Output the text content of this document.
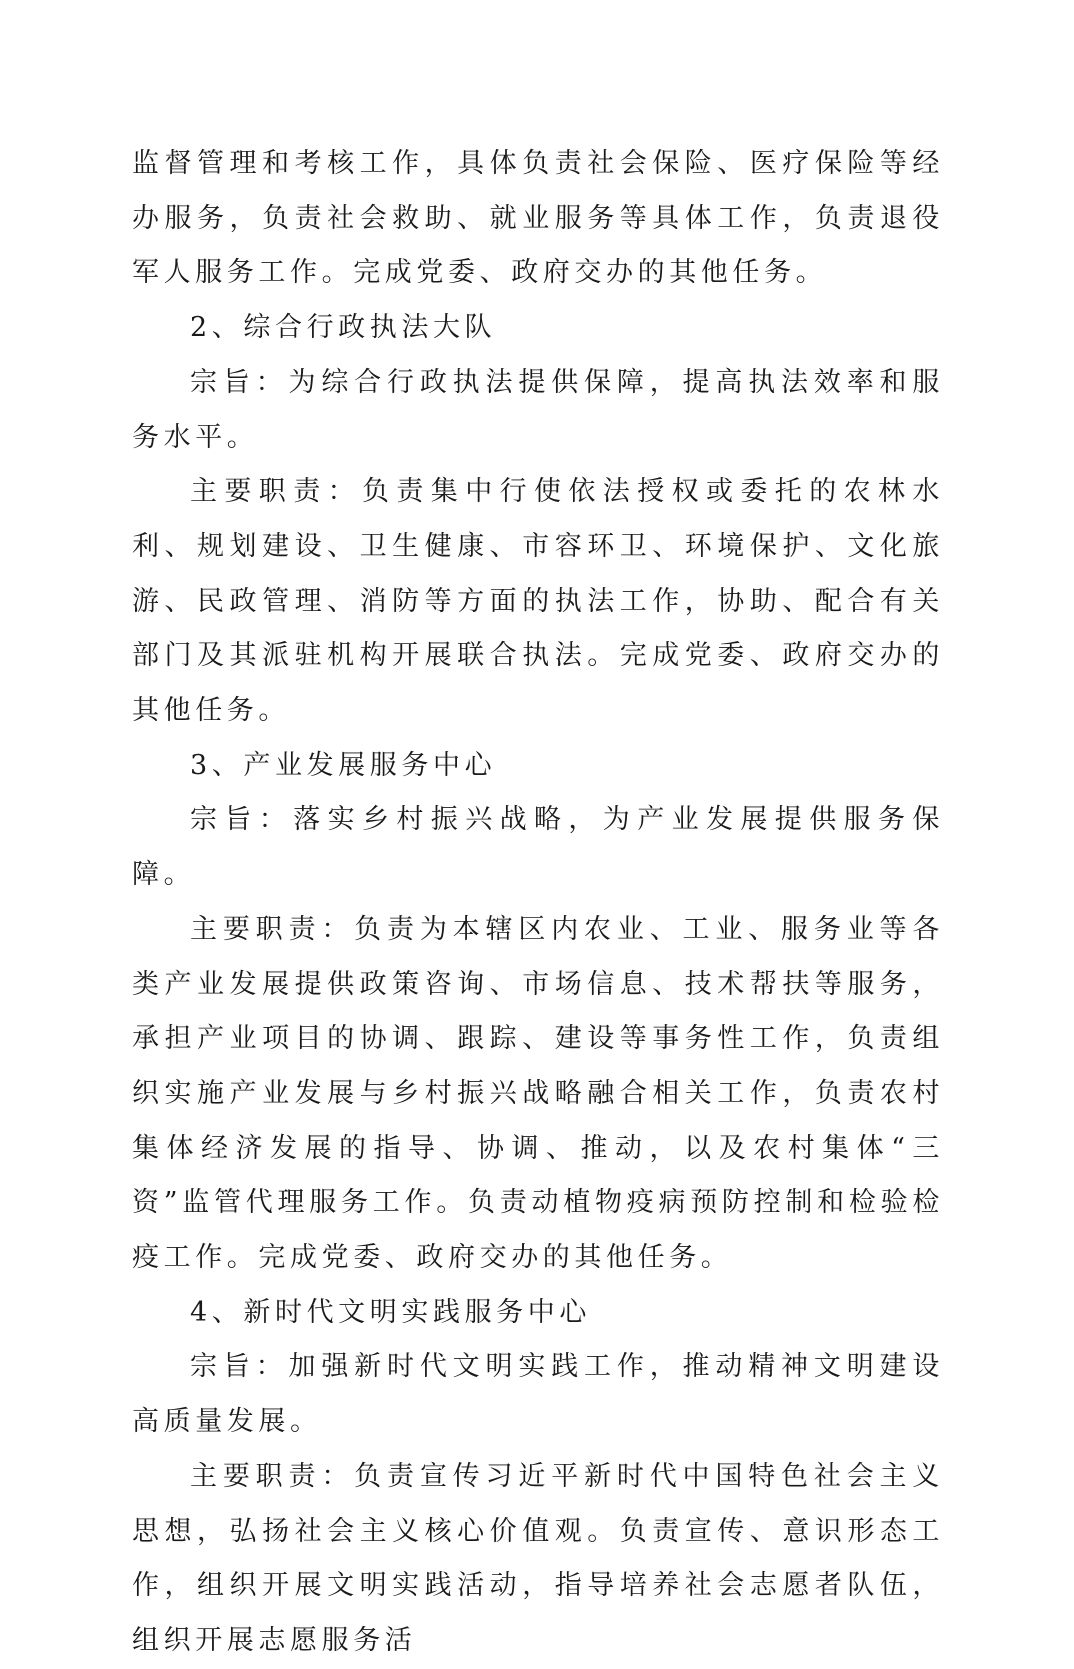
监督管理和考核工作，具体负责社会保险、医疗保险等经办服务，负责社会救助、就业服务等具体工作，负责退役军人服务工作。完成党委、政府交办的其他任务。

2、综合行政执法大队

宗旨：为综合行政执法提供保障，提高执法效率和服务水平。

主要职责：负责集中行使依法授权或委托的农林水利、规划建设、卫生健康、市容环卫、环境保护、文化旅游、民政管理、消防等方面的执法工作，协助、配合有关部门及其派驻机构开展联合执法。完成党委、政府交办的其他任务。

3、产业发展服务中心

宗旨：落实乡村振兴战略，为产业发展提供服务保障。

主要职责：负责为本辖区内农业、工业、服务业等各类产业发展提供政策咨询、市场信息、技术帮扶等服务，承担产业项目的协调、跟踪、建设等事务性工作，负责组织实施产业发展与乡村振兴战略融合相关工作，负责农村集体经济发展的指导、协调、推动，以及农村集体“三资”监管代理服务工作。负责动植物疫病预防控制和检验检疫工作。完成党委、政府交办的其他任务。

4、新时代文明实践服务中心

宗旨：加强新时代文明实践工作，推动精神文明建设高质量发展。

主要职责：负责宣传习近平新时代中国特色社会主义思想，弘扬社会主义核心价值观。负责宣传、意识形态工作，组织开展文明实践活动，指导培养社会志愿者队伍，组织开展志愿服务活
